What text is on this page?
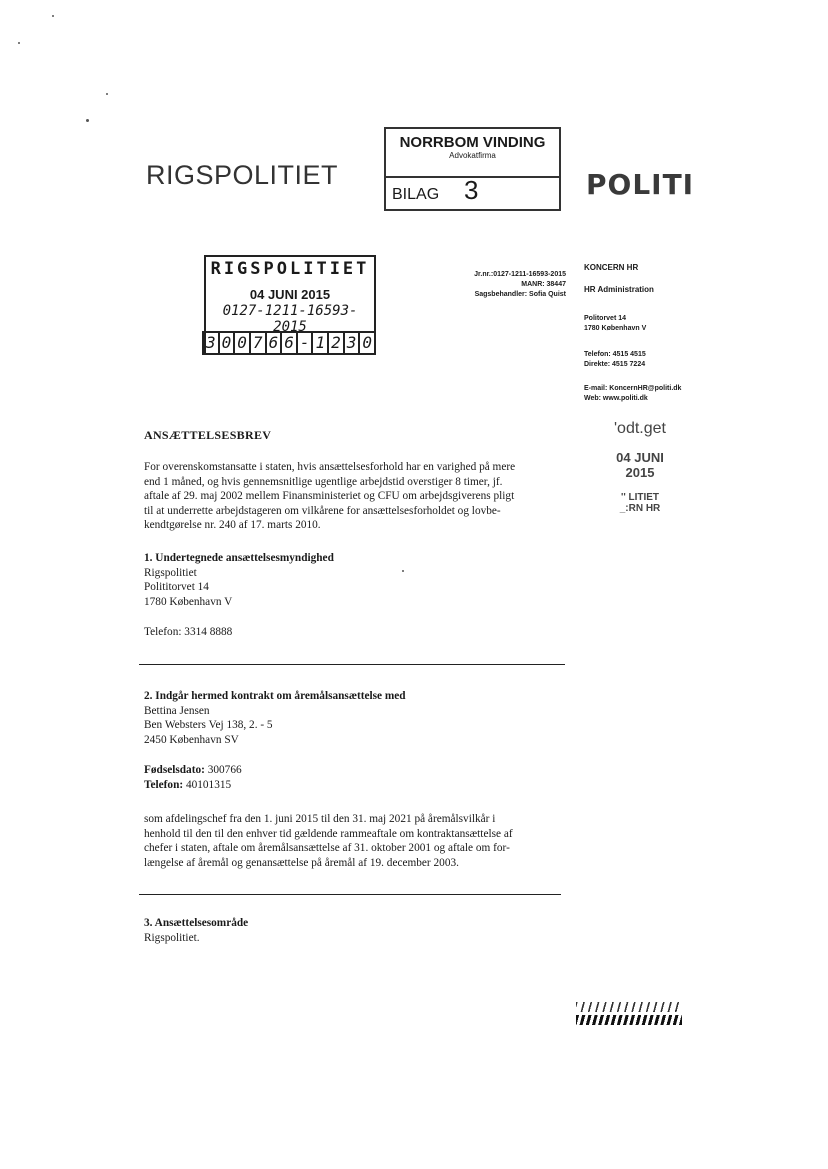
RIGSPOLITIET
NORRBOM VINDING
Advokatfirma
BILAG 3	POLITI
RIGSPOLITIET
04 JUNI 2015
0127-1211-16593-2015
3 0 0 7 6 6 - 1 2 3 0
Jr.nr.:0127-1211-16593-2015
MANR: 38447
Sagsbehandler: Sofia Quist
KONCERN HR
HR Administration
Politorvet 14
1780 København V
Telefon: 4515 4515
Direkte: 4515 7224
E-mail: KoncernHR@politi.dk
Web: www.politi.dk
'odt.get
04 JUNI 2015
'' LITIET
_:RN HR
ANSÆTTELSESBREV
For overenskomstansatte i staten, hvis ansættelsesforhold har en varighed på mere
end 1 måned, og hvis gennemsnitlige ugentlige arbejdstid overstiger 8 timer, jf.
aftale af 29. maj 2002 mellem Finansministeriet og CFU om arbejdsgiverens pligt
til at underrette arbejdstageren om vilkårene for ansættelsesforholdet og lovbe-
kendtgørelse nr. 240 af 17. marts 2010.
1. Undertegnede ansættelsesmyndighed
Rigspolitiet
Polititorvet 14
1780 København V
Telefon: 3314 8888
2. Indgår hermed kontrakt om åremålsansættelse med
Bettina Jensen
Ben Websters Vej 138, 2. - 5
2450 København SV
Fødselsdato: 300766
Telefon: 40101315
som afdelingschef fra den 1. juni 2015 til den 31. maj 2021 på åremålsvilkår i
henhold til den til den enhver tid gældende rammeaftale om kontraktansættelse af
chefer i staten, aftale om åremålsansættelse af 31. oktober 2001 og aftale om for-
længelse af åremål og genansættelse på åremål af 19. december 2003.
3. Ansættelsesområde
Rigspolitiet.
